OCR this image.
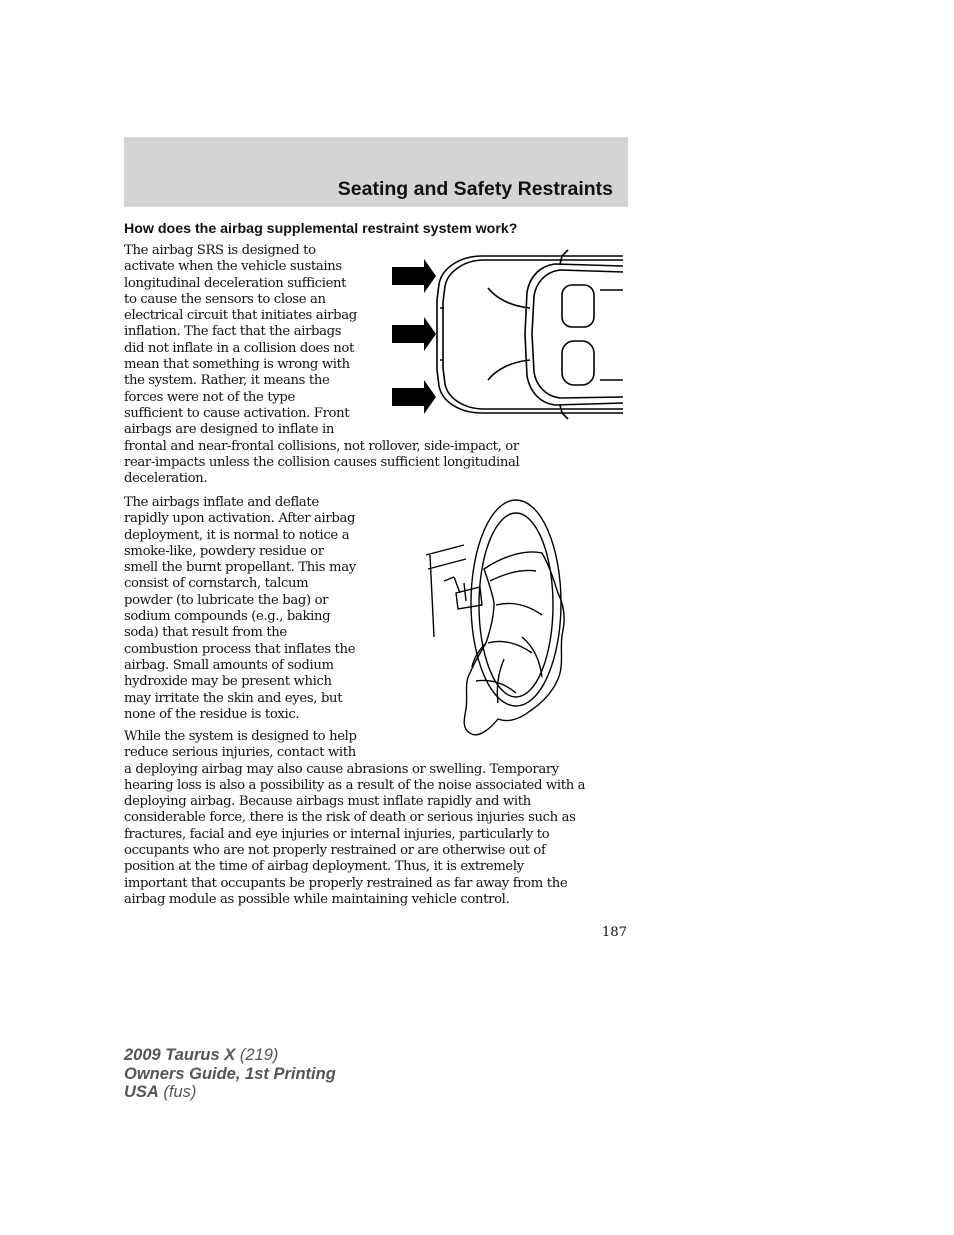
Seating and Safety Restraints
How does the airbag supplemental restraint system work?
The airbag SRS is designed to
activate when the vehicle sustains
longitudinal deceleration sufficient
to cause the sensors to close an
electrical circuit that initiates airbag
inflation. The fact that the airbags
did not inflate in a collision does not
mean that something is wrong with
the system. Rather, it means the
forces were not of the type
sufficient to cause activation. Front
airbags are designed to inflate in
frontal and near-frontal collisions, not rollover, side-impact, or
rear-impacts unless the collision causes sufficient longitudinal
deceleration.
The airbags inflate and deflate
rapidly upon activation. After airbag
deployment, it is normal to notice a
smoke-like, powdery residue or
smell the burnt propellant. This may
consist of cornstarch, talcum
powder (to lubricate the bag) or
sodium compounds (e.g., baking
soda) that result from the
combustion process that inflates the
airbag. Small amounts of sodium
hydroxide may be present which
may irritate the skin and eyes, but
none of the residue is toxic.
While the system is designed to help
reduce serious injuries, contact with
a deploying airbag may also cause abrasions or swelling. Temporary
hearing loss is also a possibility as a result of the noise associated with a
deploying airbag. Because airbags must inflate rapidly and with
considerable force, there is the risk of death or serious injuries such as
fractures, facial and eye injuries or internal injuries, particularly to
occupants who are not properly restrained or are otherwise out of
position at the time of airbag deployment. Thus, it is extremely
important that occupants be properly restrained as far away from the
airbag module as possible while maintaining vehicle control.
187
2009 Taurus X (219)
Owners Guide, 1st Printing
USA (fus)
